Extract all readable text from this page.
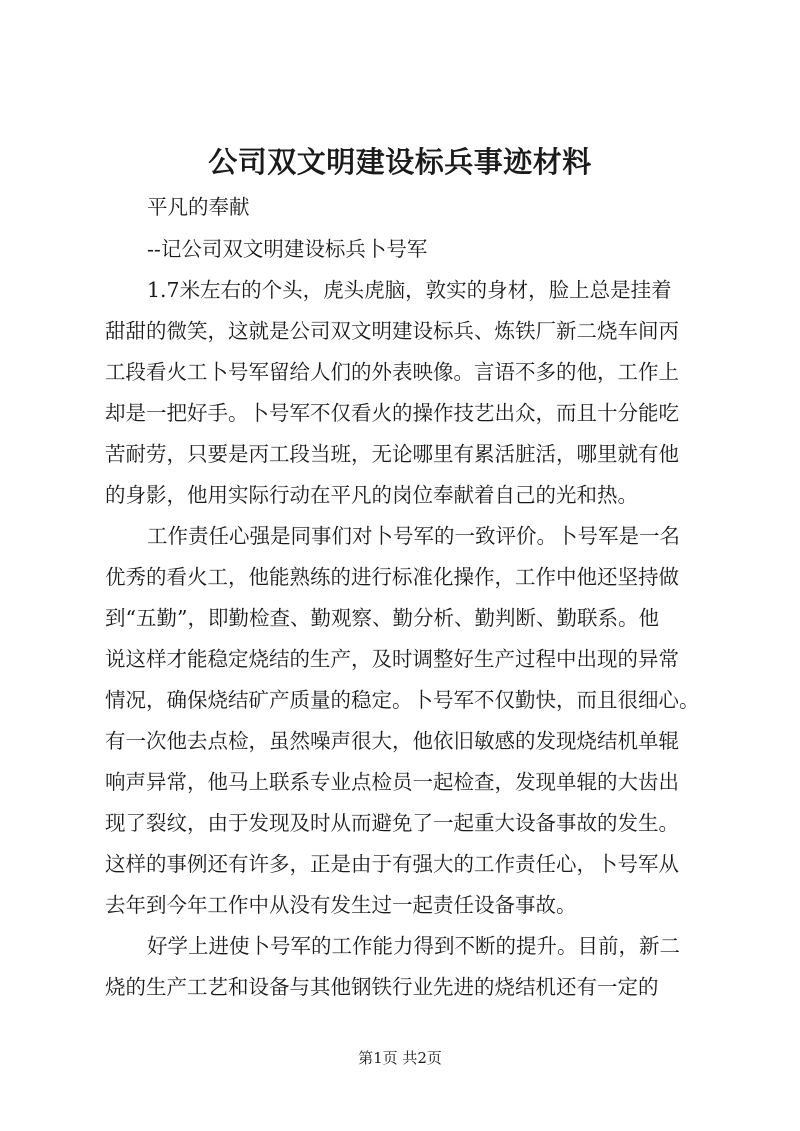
公司双文明建设标兵事迹材料

平凡的奉献

--记公司双文明建设标兵卜号军

1.7米左右的个头，虎头虎脑，敦实的身材，脸上总是挂着

甜甜的微笑，这就是公司双文明建设标兵、炼铁厂新二烧车间丙

工段看火工卜号军留给人们的外表映像。言语不多的他，工作上

却是一把好手。卜号军不仅看火的操作技艺出众，而且十分能吃

苦耐劳，只要是丙工段当班，无论哪里有累活脏活，哪里就有他

的身影，他用实际行动在平凡的岗位奉献着自己的光和热。

工作责任心强是同事们对卜号军的一致评价。卜号军是一名

优秀的看火工，他能熟练的进行标准化操作，工作中他还坚持做

到“五勤”，即勤检查、勤观察、勤分析、勤判断、勤联系。他

说这样才能稳定烧结的生产，及时调整好生产过程中出现的异常

情况，确保烧结矿产质量的稳定。卜号军不仅勤快，而且很细心。

有一次他去点检，虽然噪声很大，他依旧敏感的发现烧结机单辊

响声异常，他马上联系专业点检员一起检查，发现单辊的大齿出

现了裂纹，由于发现及时从而避免了一起重大设备事故的发生。

这样的事例还有许多，正是由于有强大的工作责任心，卜号军从

去年到今年工作中从没有发生过一起责任设备事故。

好学上进使卜号军的工作能力得到不断的提升。目前，新二

烧的生产工艺和设备与其他钢铁行业先进的烧结机还有一定的

第1页 共2页
